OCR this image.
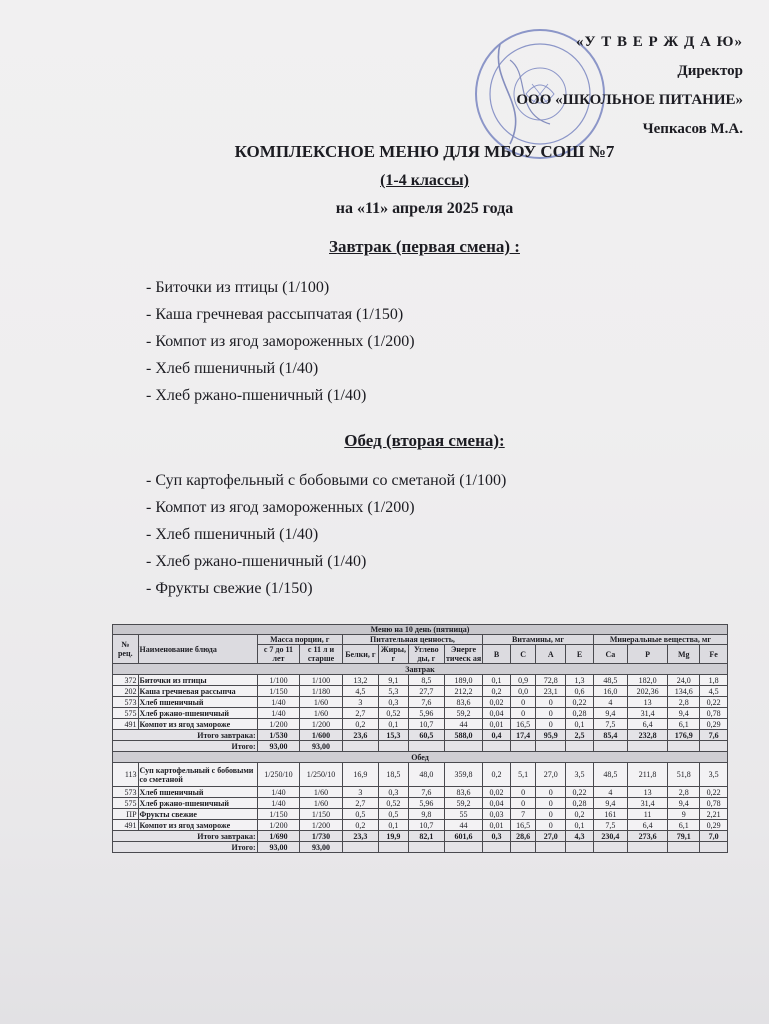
«У Т В Е Р Ж Д А Ю»
Директор
ООО «ШКОЛЬНОЕ ПИТАНИЕ»
Чепкасов М.А.
КОМПЛЕКСНОЕ МЕНЮ ДЛЯ МБОУ СОШ №7
(1-4 классы)
на «11» апреля 2025 года
Завтрак (первая смена) :
- Биточки из птицы (1/100)
- Каша гречневая рассыпчатая (1/150)
- Компот из ягод замороженных (1/200)
- Хлеб пшеничный (1/40)
- Хлеб ржано-пшеничный (1/40)
Обед (вторая смена):
- Суп картофельный с бобовыми со сметаной (1/100)
- Компот из ягод замороженных (1/200)
- Хлеб пшеничный (1/40)
- Хлеб ржано-пшеничный (1/40)
- Фрукты свежие (1/150)
Меню на 10 день (пятница)															
№ рец.	Наименование блюда	Масса порции, г		Питательная ценность,				Витамины, мг				Минеральные вещества, мг			
		с 7 до 11 лет	с 11 л и старше	Белки, г	Жиры, г	Углево ды, г	Энерге тическ ая	B	C	A	E	Ca	P	Mg	Fe
Завтрак															
372	Биточки из птицы	1/100	1/100	13,2	9,1	8,5	189,0	0,1	0,9	72,8	1,3	48,5	182,0	24,0	1,8
202	Каша гречневая рассыпча	1/150	1/180	4,5	5,3	27,7	212,2	0,2	0,0	23,1	0,6	16,0	202,36	134,6	4,5
573	Хлеб пшеничный	1/40	1/60	3	0,3	7,6	83,6	0,02	0	0	0,22	4	13	2,8	0,22
575	Хлеб ржано-пшеничный	1/40	1/60	2,7	0,52	5,96	59,2	0,04	0	0	0,28	9,4	31,4	9,4	0,78
491	Компот из ягод замороже	1/200	1/200	0,2	0,1	10,7	44	0,01	16,5	0	0,1	7,5	6,4	6,1	0,29
Итого завтрака:		1/530	1/600	23,6	15,3	60,5	588,0	0,4	17,4	95,9	2,5	85,4	232,8	176,9	7,6
Итого:		93,00	93,00												
Обед															
113	Суп картофельный с бобовыми со сметаной	1/250/10	1/250/10	16,9	18,5	48,0	359,8	0,2	5,1	27,0	3,5	48,5	211,8	51,8	3,5
573	Хлеб пшеничный	1/40	1/60	3	0,3	7,6	83,6	0,02	0	0	0,22	4	13	2,8	0,22
575	Хлеб ржано-пшеничный	1/40	1/60	2,7	0,52	5,96	59,2	0,04	0	0	0,28	9,4	31,4	9,4	0,78
ПР	Фрукты свежие	1/150	1/150	0,5	0,5	9,8	55	0,03	7	0	0,2	161	11	9	2,21
491	Компот из ягод замороже	1/200	1/200	0,2	0,1	10,7	44	0,01	16,5	0	0,1	7,5	6,4	6,1	0,29
Итого завтрака:		1/690	1/730	23,3	19,9	82,1	601,6	0,3	28,6	27,0	4,3	230,4	273,6	79,1	7,0
Итого:		93,00	93,00												
